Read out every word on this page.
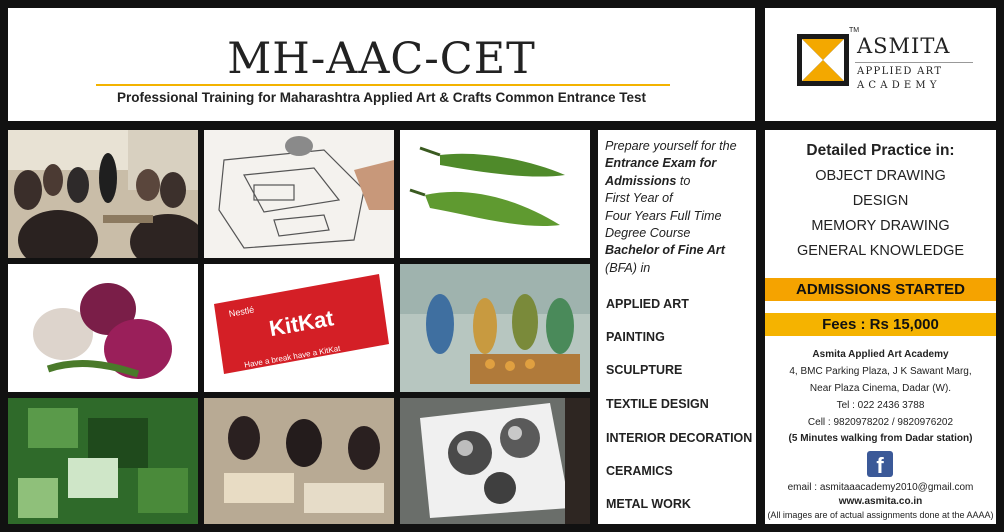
MH-AAC-CET
Professional Training for Maharashtra Applied Art & Crafts Common Entrance Test
TM
ASMITA
APPLIED ART
ACADEMY
KitKat
Nestlé
Have a break have a KitKat
Prepare yourself for the
Entrance Exam for
Admissions to
First Year of
Four Years Full Time
Degree Course
Bachelor of Fine Art
(BFA) in
APPLIED ART
PAINTING
SCULPTURE
TEXTILE DESIGN
INTERIOR DECORATION
CERAMICS
METAL WORK
Detailed Practice in:
OBJECT DRAWING
DESIGN
MEMORY DRAWING
GENERAL KNOWLEDGE
ADMISSIONS STARTED
Fees : Rs 15,000
Asmita Applied Art Academy
4, BMC Parking Plaza, J K Sawant Marg,
Near Plaza Cinema, Dadar (W).
Tel : 022 2436 3788
Cell : 9820978202 / 9820976202
(5 Minutes walking from Dadar station)
f
email : asmitaaacademy2010@gmail.com
www.asmita.co.in
(All images are of actual assignments done at the AAAA)
